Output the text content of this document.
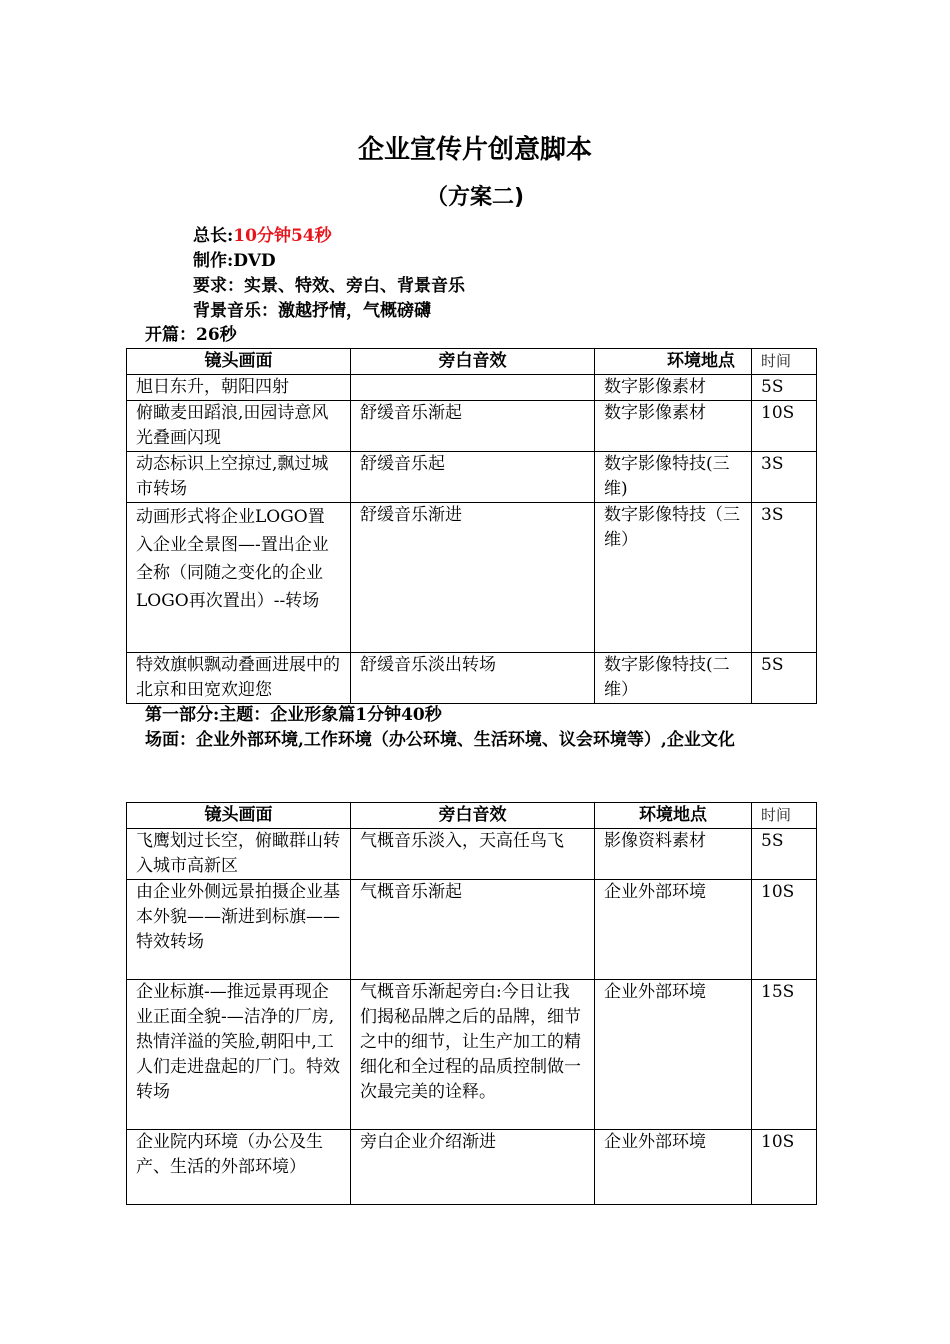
企业宣传片创意脚本
（方案二)
总长:10分钟54秒
制作:DVD
要求：实景、特效、旁白、背景音乐
背景音乐：激越抒情，气概磅礴
开篇：26秒
镜头画面	旁白音效	环境地点	时间
旭日东升，朝阳四射		数字影像素材	5S
俯瞰麦田蹈浪,田园诗意风光叠画闪现	舒缓音乐渐起	数字影像素材	10S
动态标识上空掠过,飘过城市转场	舒缓音乐起	数字影像特技(三维)	3S
动画形式将企业LOGO置入企业全景图—-置出企业全称（同随之变化的企业LOGO再次置出）--转场	舒缓音乐渐进	数字影像特技（三维）	3S
特效旗帜飘动叠画进展中的北京和田宽欢迎您	舒缓音乐淡出转场	数字影像特技(二维）	5S
第一部分:主题：企业形象篇1分钟40秒
场面：企业外部环境,工作环境（办公环境、生活环境、议会环境等）,企业文化
镜头画面	旁白音效	环境地点	时间
飞鹰划过长空，俯瞰群山转入城市高新区	气概音乐淡入，天高任鸟飞	影像资料素材	5S
由企业外侧远景拍摄企业基本外貌——渐进到标旗——特效转场	气概音乐渐起	企业外部环境	10S
企业标旗-—推远景再现企业正面全貌-—洁净的厂房,热情洋溢的笑脸,朝阳中,工人们走进盘起的厂门。特效转场	气概音乐渐起旁白:今日让我们揭秘品牌之后的品牌，细节之中的细节，让生产加工的精细化和全过程的品质控制做一次最完美的诠释。	企业外部环境	15S
企业院内环境（办公及生产、生活的外部环境）	旁白企业介绍渐进	企业外部环境	10S
